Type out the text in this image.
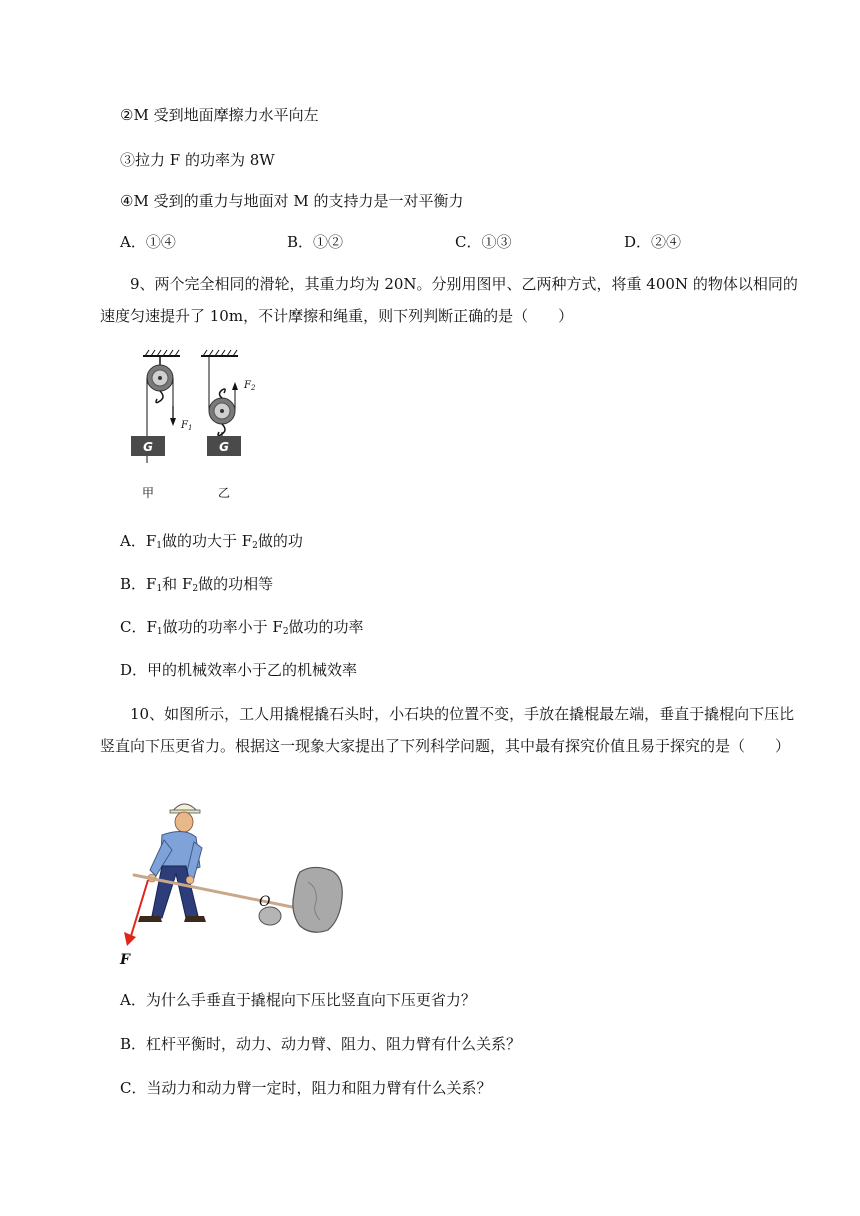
②M 受到地面摩擦力水平向左
③拉力 F 的功率为 8W
④M 受到的重力与地面对 M 的支持力是一对平衡力
A．①④	B．①②	C．①③	D．②④
9、两个完全相同的滑轮，其重力均为 20N。分别用图甲、乙两种方式，将重 400N 的物体以相同的速度匀速提升了 10m，不计摩擦和绳重，则下列判断正确的是（　　）
$F_1$
G
甲
$F_2$
G
乙
A．$F_1$做的功大于 $F_2$做的功
B．$F_1$和 $F_2$做的功相等
C．$F_1$做功的功率小于 $F_2$做功的功率
D．甲的机械效率小于乙的机械效率
10、如图所示，工人用撬棍撬石头时，小石块的位置不变，手放在撬棍最左端，垂直于撬棍向下压比竖直向下压更省力。根据这一现象大家提出了下列科学问题，其中最有探究价值且易于探究的是（　　）
O
F
A．为什么手垂直于撬棍向下压比竖直向下压更省力？
B．杠杆平衡时，动力、动力臂、阻力、阻力臂有什么关系？
C．当动力和动力臂一定时，阻力和阻力臂有什么关系？
